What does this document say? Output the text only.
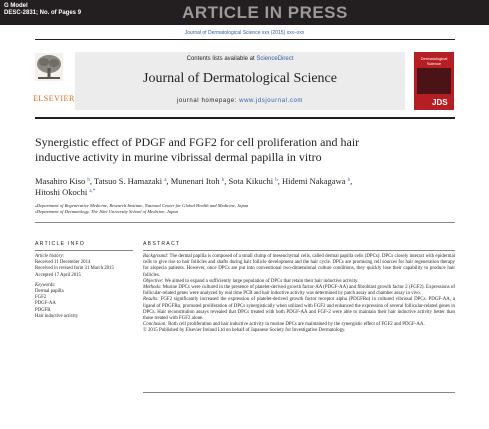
G Model
DESC-2831; No. of Pages 9	ARTICLE IN PRESS
Journal of Dermatological Science xxx (2015) xxx–xxx
ELSEVIER
Contents lists available at ScienceDirect
Journal of Dermatological Science
journal homepage: www.jdsjournal.com
Dermatological
Science
JDS
Synergistic effect of PDGF and FGF2 for cell proliferation and hair
inductive activity in murine vibrissal dermal papilla in vitro
Masahiro Kiso $^b$, Tatsuo S. Hamazaki $^a$, Munenari Itoh $^b$, Sota Kikuchi $^b$, Hidemi Nakagawa $^b$,
Hitoshi Okochi $^{a,*}$
$^a$Department of Regenerative Medicine, Research Institute, National Center for Global Health and Medicine, Japan
$^b$Department of Dermatology, The Jikei University School of Medicine, Japan
ARTICLE INFO	ABSTRACT
Article history:
Received 11 December 2014
Received in revised form 31 March 2015
Accepted 17 April 2015
Keywords:
Dermal papilla
FGF2
PDGF-AA
PDGFR
Hair inductive activity
Background: The dermal papilla is composed of a small clump of mesenchymal cells, called dermal papilla cells (DPCs). DPCs closely interact with epidermal cells to give rise to hair follicles and shafts during hair follicle development and the hair cycle. DPCs are promising cell sources for hair regeneration therapy for alopecia patients. However, once DPCs are put into conventional two-dimensional culture conditions, they quickly lose their capability to produce hair follicles.
Objective: We aimed to expand a sufficiently large population of DPCs that retain their hair inductive activity.
Methods: Murine DPCs were cultured in the presence of platelet-derived growth factor-AA (PDGF-AA) and fibroblast growth factor 2 (FGF2). Expressions of follicular-related genes were analyzed by real time PCR and hair inductive activity was determined by patch assay and chamber assay in vivo.
Results: FGF2 significantly increased the expression of platelet-derived growth factor receptor alpha (PDGFRα) in cultured vibrissal DPCs. PDGF-AA, a ligand of PDGFRα, promoted proliferation of DPCs synergistically when utilized with FGF2 and enhanced the expression of several follicular-related genes in DPCs. Hair reconstitution assays revealed that DPCs treated with both PDGF-AA and FGF-2 were able to maintain their hair inductive activity better than those treated with FGF2 alone.
Conclusion: Both cell proliferation and hair inductive activity in murine DPCs are maintained by the synergistic effect of FGF2 and PDGF-AA.
© 2015 Published by Elsevier Ireland Ltd on behalf of Japanese Society for Investigative Dermatology.
